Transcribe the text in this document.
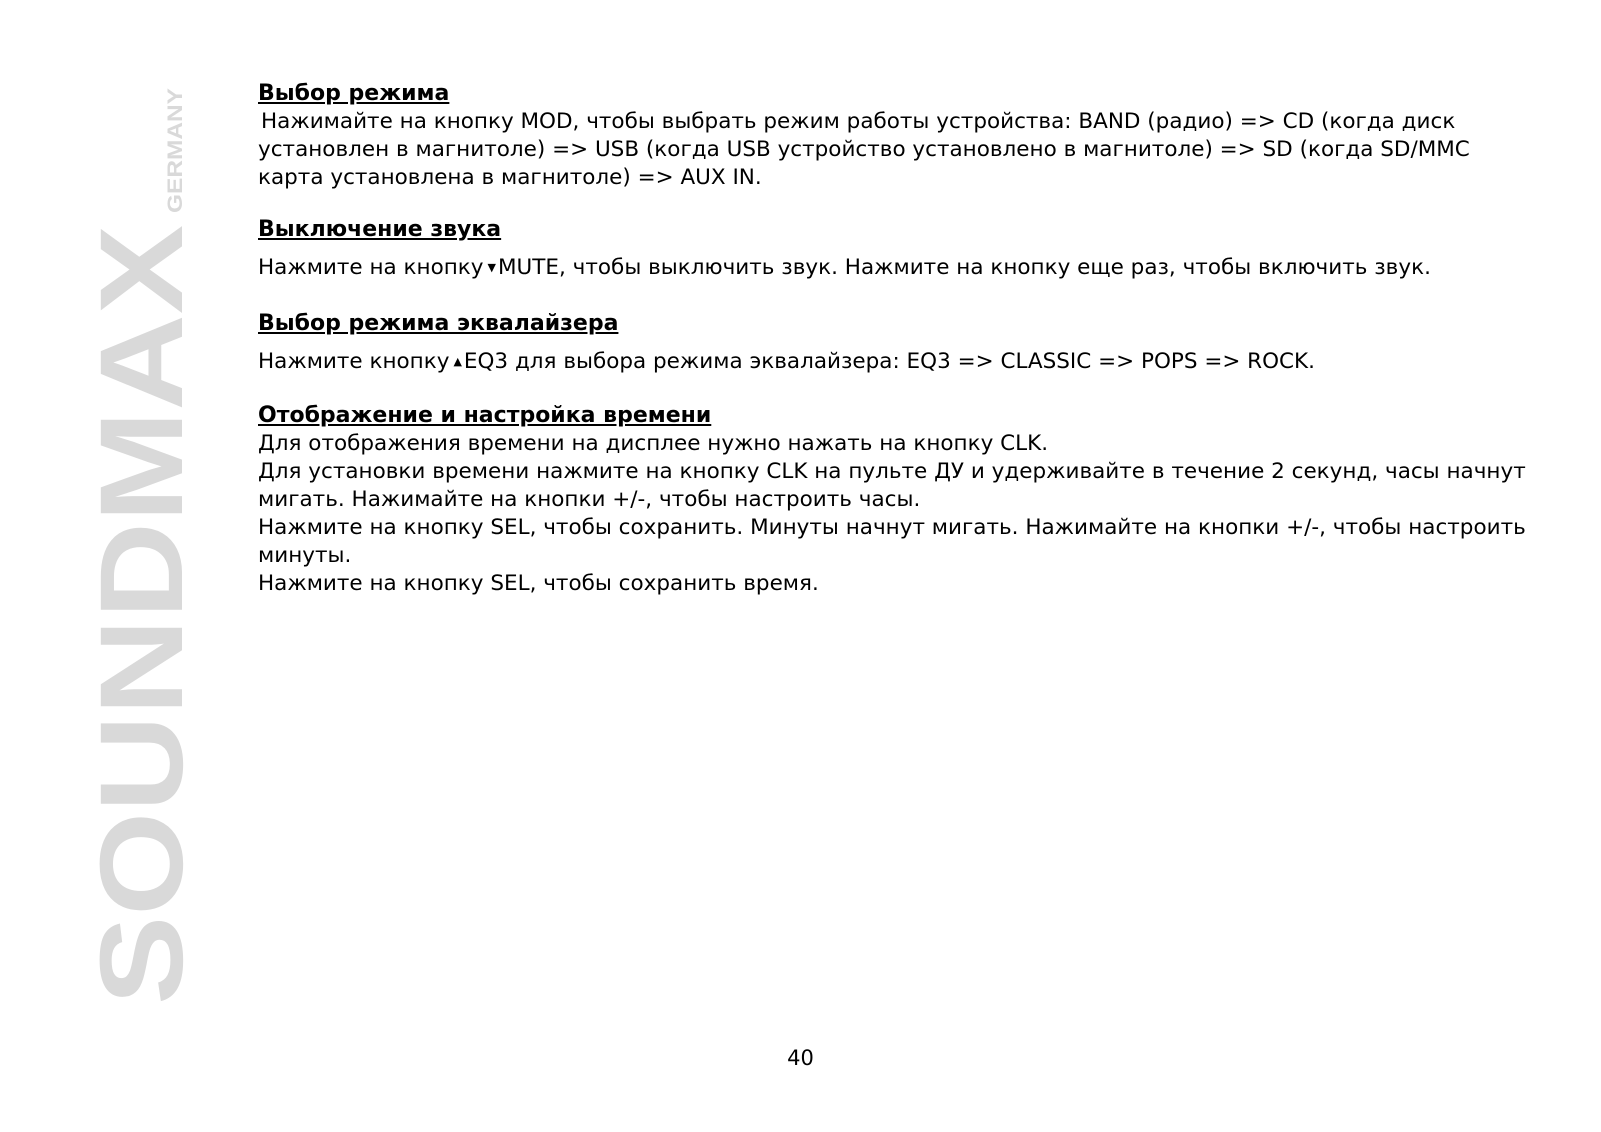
SOUNDMAX
GERMANY

Выбор режима

Нажимайте на кнопку MOD, чтобы выбрать режим работы устройства: BAND (радио) => CD (когда диск установлен в магнитоле) => USB (когда USB устройство установлено в магнитоле) => SD (когда SD/MMC карта установлена в магнитоле) => AUX IN.

Выключение звука

Нажмите на кнопку ▼MUTE, чтобы выключить звук. Нажмите на кнопку еще раз, чтобы включить звук.

Выбор режима эквалайзера

Нажмите кнопку ▲EQ3 для выбора режима эквалайзера: EQ3 => CLASSIC => POPS => ROCK.

Отображение и настройка времени

Для отображения времени на дисплее нужно нажать на кнопку CLK.

Для установки времени нажмите на кнопку CLK на пульте ДУ и удерживайте в течение 2 секунд, часы начнут мигать. Нажимайте на кнопки +/-, чтобы настроить часы.

Нажмите на кнопку SEL, чтобы сохранить. Минуты начнут мигать. Нажимайте на кнопки +/-, чтобы настроить минуты.

Нажмите на кнопку SEL, чтобы сохранить время.

40
